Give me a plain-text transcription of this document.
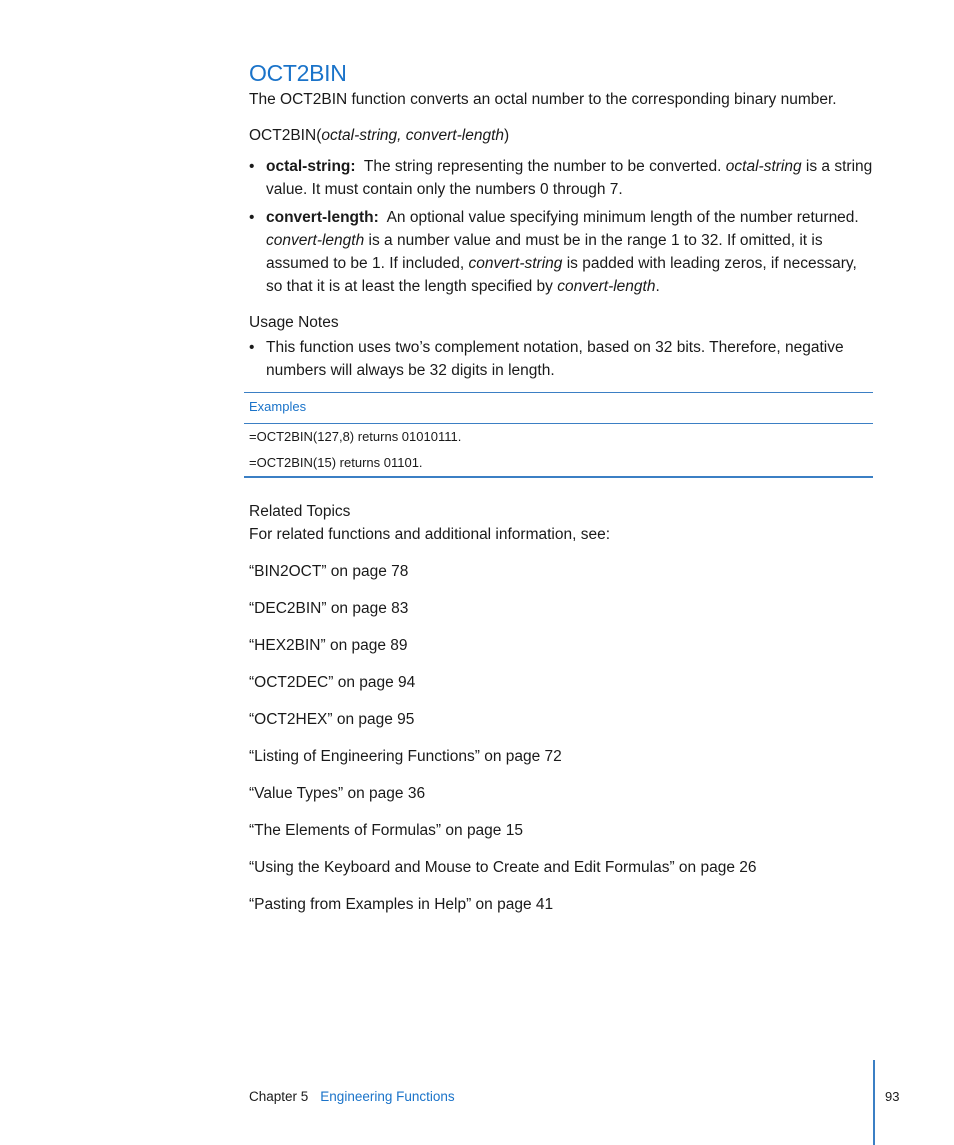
OCT2BIN

The OCT2BIN function converts an octal number to the corresponding binary number.

OCT2BIN(octal-string, convert-length)

• octal-string: The string representing the number to be converted. octal-string is a string value. It must contain only the numbers 0 through 7.
• convert-length: An optional value specifying minimum length of the number returned. convert-length is a number value and must be in the range 1 to 32. If omitted, it is assumed to be 1. If included, convert-string is padded with leading zeros, if necessary, so that it is at least the length specified by convert-length.
Usage Notes
• This function uses two’s complement notation, based on 32 bits. Therefore, negative numbers will always be 32 digits in length.
Examples
=OCT2BIN(127,8) returns 01010111.
=OCT2BIN(15) returns 01101.
Related Topics

For related functions and additional information, see:

“BIN2OCT” on page 78
“DEC2BIN” on page 83
“HEX2BIN” on page 89
“OCT2DEC” on page 94
“OCT2HEX” on page 95
“Listing of Engineering Functions” on page 72
“Value Types” on page 36
“The Elements of Formulas” on page 15
“Using the Keyboard and Mouse to Create and Edit Formulas” on page 26
“Pasting from Examples in Help” on page 41
Chapter 5 Engineering Functions	93
